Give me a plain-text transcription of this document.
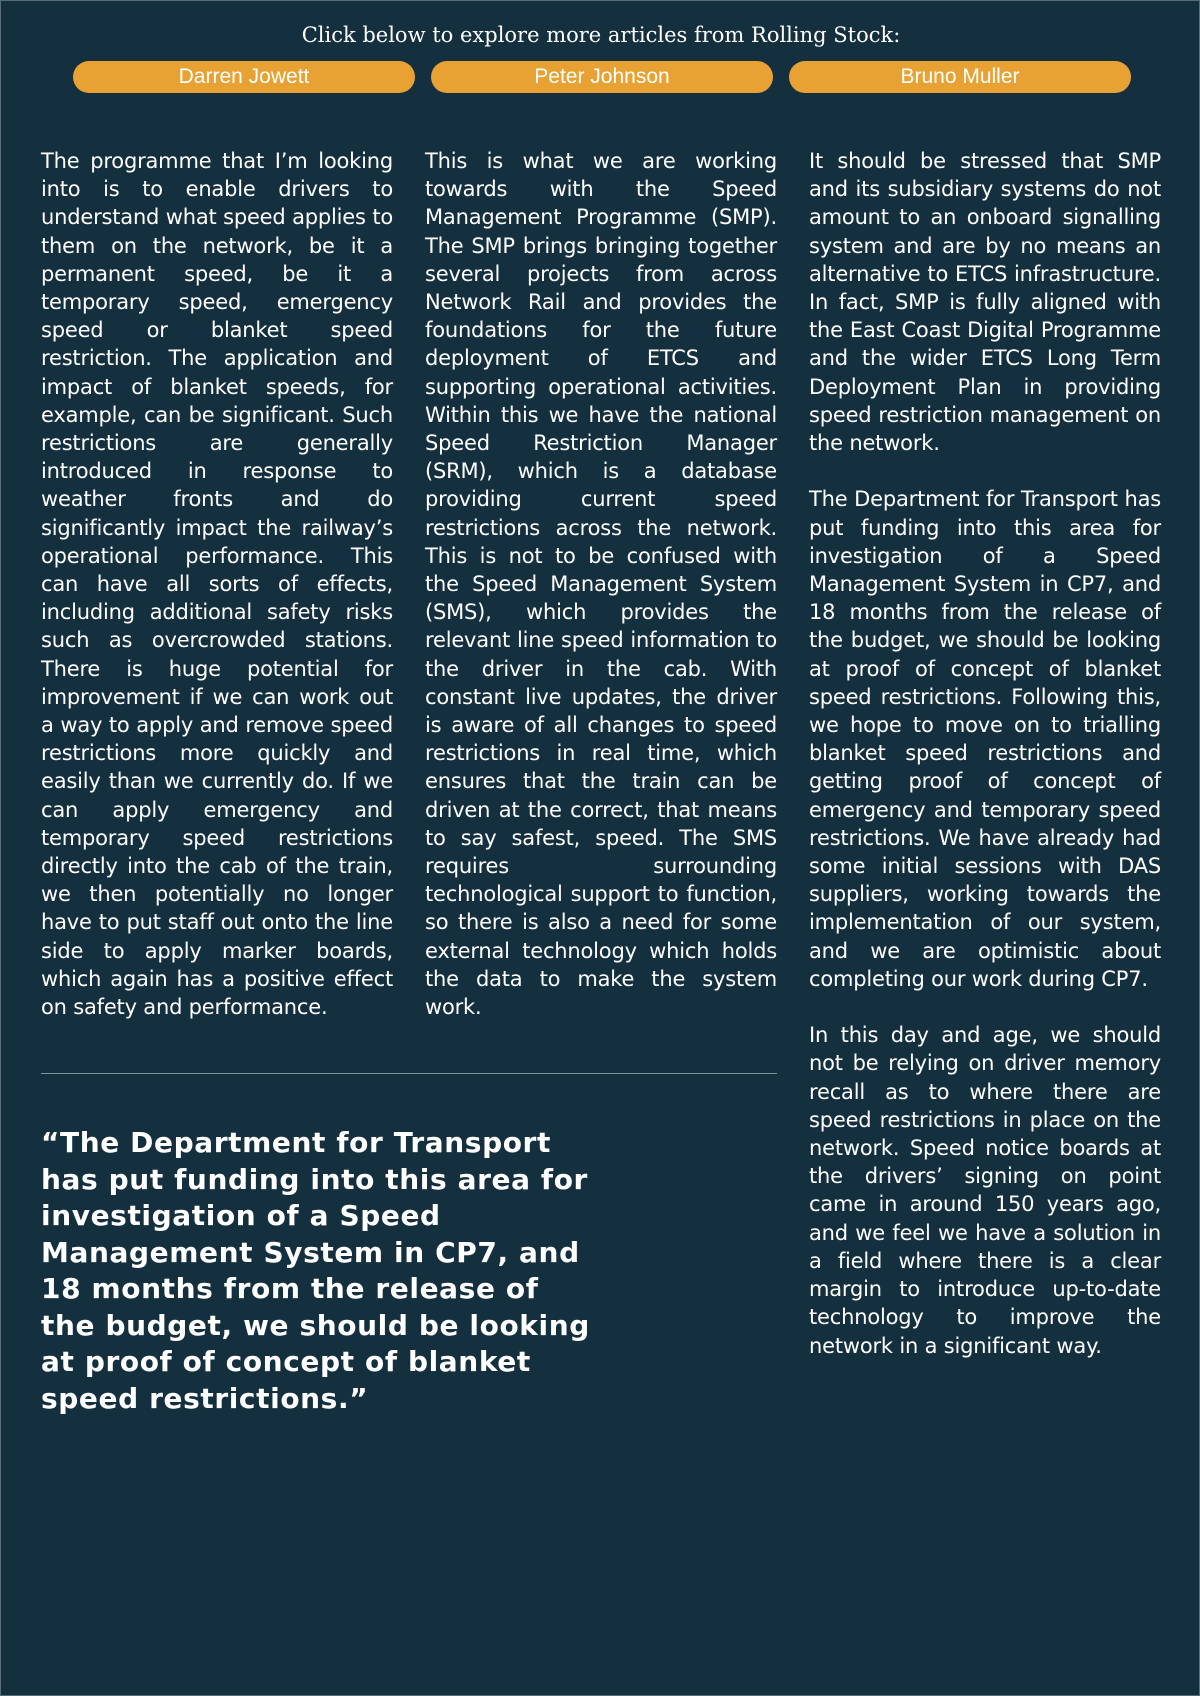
Click below to explore more articles from Rolling Stock:
Darren Jowett	Peter Johnson	Bruno Muller

The programme that I’m looking into is to enable drivers to understand what speed applies to them on the network, be it a permanent speed, be it a temporary speed, emergency speed or blanket speed restriction. The application and impact of blanket speeds, for example, can be significant. Such restrictions are generally introduced in response to weather fronts and do significantly impact the railway’s operational performance. This can have all sorts of effects, including additional safety risks such as overcrowded stations. There is huge potential for improvement if we can work out a way to apply and remove speed restrictions more quickly and easily than we currently do. If we can apply emergency and temporary speed restrictions directly into the cab of the train, we then potentially no longer have to put staff out onto the line side to apply marker boards, which again has a positive effect on safety and performance.

This is what we are working towards with the Speed Management Programme (SMP). The SMP brings bringing together several projects from across Network Rail and provides the foundations for the future deployment of ETCS and supporting operational activities. Within this we have the national Speed Restriction Manager (SRM), which is a database providing current speed restrictions across the network. This is not to be confused with the Speed Management System (SMS), which provides the relevant line speed information to the driver in the cab. With constant live updates, the driver is aware of all changes to speed restrictions in real time, which ensures that the train can be driven at the correct, that means to say safest, speed. The SMS requires surrounding technological support to function, so there is also a need for some external technology which holds the data to make the system work.

It should be stressed that SMP and its subsidiary systems do not amount to an onboard signalling system and are by no means an alternative to ETCS infrastructure. In fact, SMP is fully aligned with the East Coast Digital Programme and the wider ETCS Long Term Deployment Plan in providing speed restriction management on the network.

The Department for Transport has put funding into this area for investigation of a Speed Management System in CP7, and 18 months from the release of the budget, we should be looking at proof of concept of blanket speed restrictions. Following this, we hope to move on to trialling blanket speed restrictions and getting proof of concept of emergency and temporary speed restrictions. We have already had some initial sessions with DAS suppliers, working towards the implementation of our system, and we are optimistic about completing our work during CP7.

In this day and age, we should not be relying on driver memory recall as to where there are speed restrictions in place on the network. Speed notice boards at the drivers’ signing on point came in around 150 years ago, and we feel we have a solution in a field where there is a clear margin to introduce up-to-date technology to improve the network in a significant way.

“The Department for Transport has put funding into this area for investigation of a Speed Management System in CP7, and 18 months from the release of the budget, we should be looking at proof of concept of blanket speed restrictions.”
